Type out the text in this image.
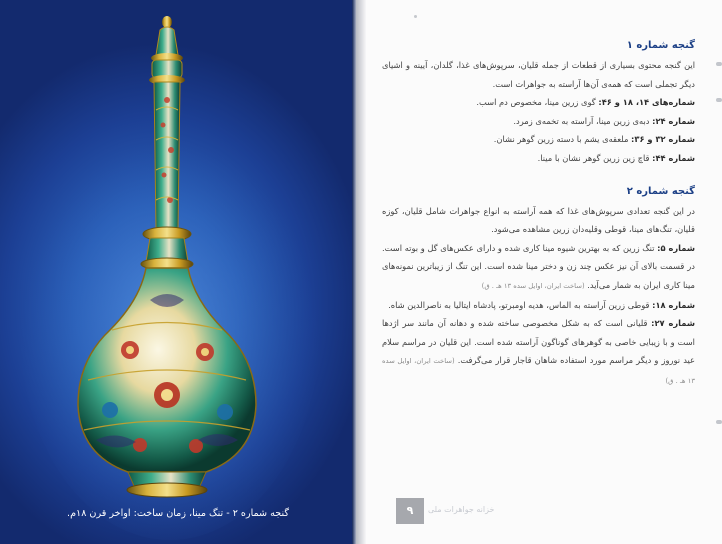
گنجه شماره ۲ - تنگ مینا، زمان ساخت: اواخر قرن ۱۸م.

گنجه شماره ۱

این گنجه محتوی بسیاری از قطعات از جمله قلیان، سرپوش‌های غذا، گلدان، آیینه و اشیای دیگر تجملی است که همه‌ی آن‌ها آراسته به جواهرات است.

شماره‌های ۱۴، ۱۸ و ۴۶: گوی زرین مینا، مخصوص دم اسب.

شماره ۲۴: دبه‌ی زرین مینا، آراسته به تخمه‌ی زمرد.

شماره ۳۲ و ۳۶: ملعقه‌ی یشم با دسته زرین گوهر نشان.

شماره ۴۴: قاچ زین زرین گوهر نشان با مینا.

گنجه شماره ۲

در این گنجه تعدادی سرپوش‌های غذا که همه آراسته به انواع جواهرات شامل قلیان، کوزه قلیان، تنگ‌های مینا، قوطی وقلیه‌دان زرین مشاهده می‌شود.

شماره ۵: تنگ زرین که به بهترین شیوه مینا کاری شده و دارای عکس‌های گل و بوته است. در قسمت بالای آن نیز عکس چند زن و دختر مینا شده است. این تنگ از زیباترین نمونه‌های مینا کاری ایران به شمار می‌آید. (ساخت ایران، اوایل سده ۱۳ هـ . ق)

شماره ۱۸: قوطی زرین آراسته به الماس، هدیه اومبرتو، پادشاه ایتالیا به ناصرالدین شاه.

شماره ۲۷: قلیانی است که به شکل مخصوصی ساخته شده و دهانه آن مانند سر اژدها است و با زیبایی خاصی به گوهرهای گوناگون آراسته شده است. این قلیان در مراسم سلام عید نوروز و دیگر مراسم مورد استفاده شاهان قاجار قرار می‌گرفت. (ساخت ایران، اوایل سده ۱۳ هـ . ق)

۹	خزانه جواهرات ملی
